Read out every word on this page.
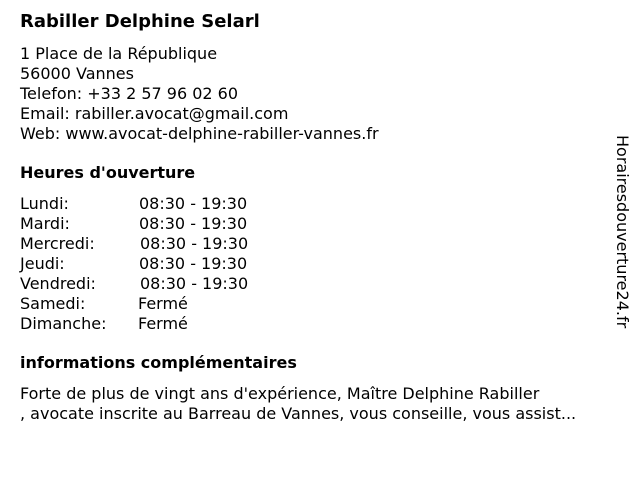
Rabiller Delphine Selarl
1 Place de la République
56000 Vannes
Telefon: +33 2 57 96 02 60
Email: rabiller.avocat@gmail.com
Web: www.avocat-delphine-rabiller-vannes.fr
Heures d'ouverture
Lundi:	08:30 - 19:30
Mardi:	08:30 - 19:30
Mercredi:	08:30 - 19:30
Jeudi:	08:30 - 19:30
Vendredi:	08:30 - 19:30
Samedi:	Fermé
Dimanche: Fermé
informations complémentaires
Forte de plus de vingt ans d'expérience, Maître Delphine Rabiller
, avocate inscrite au Barreau de Vannes, vous conseille, vous assist...
Horairesdouverture24.fr
